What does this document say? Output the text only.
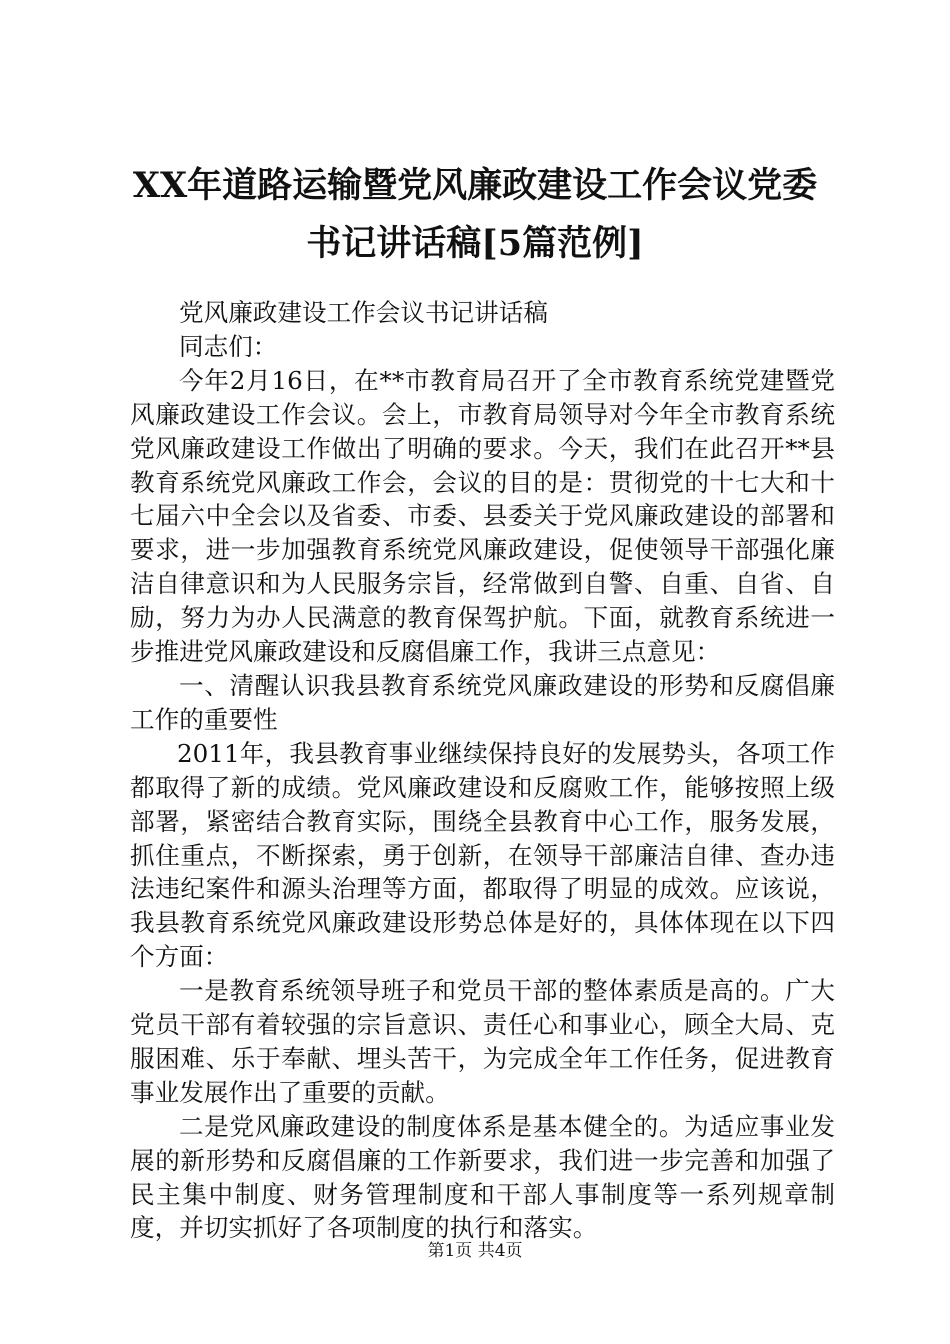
XX年道路运输暨党风廉政建设工作会议党委
书记讲话稿[5篇范例]

党风廉政建设工作会议书记讲话稿

同志们：

今年2月16日，在**市教育局召开了全市教育系统党建暨党风廉政建设工作会议。会上，市教育局领导对今年全市教育系统党风廉政建设工作做出了明确的要求。今天，我们在此召开**县教育系统党风廉政工作会，会议的目的是：贯彻党的十七大和十七届六中全会以及省委、市委、县委关于党风廉政建设的部署和要求，进一步加强教育系统党风廉政建设，促使领导干部强化廉洁自律意识和为人民服务宗旨，经常做到自警、自重、自省、自励，努力为办人民满意的教育保驾护航。下面，就教育系统进一步推进党风廉政建设和反腐倡廉工作，我讲三点意见：

一、清醒认识我县教育系统党风廉政建设的形势和反腐倡廉工作的重要性

2011年，我县教育事业继续保持良好的发展势头，各项工作都取得了新的成绩。党风廉政建设和反腐败工作，能够按照上级部署，紧密结合教育实际，围绕全县教育中心工作，服务发展，抓住重点，不断探索，勇于创新，在领导干部廉洁自律、查办违法违纪案件和源头治理等方面，都取得了明显的成效。应该说，我县教育系统党风廉政建设形势总体是好的，具体体现在以下四个方面：

一是教育系统领导班子和党员干部的整体素质是高的。广大党员干部有着较强的宗旨意识、责任心和事业心，顾全大局、克服困难、乐于奉献、埋头苦干，为完成全年工作任务，促进教育事业发展作出了重要的贡献。

二是党风廉政建设的制度体系是基本健全的。为适应事业发展的新形势和反腐倡廉的工作新要求，我们进一步完善和加强了民主集中制度、财务管理制度和干部人事制度等一系列规章制度，并切实抓好了各项制度的执行和落实。

第1页 共4页
